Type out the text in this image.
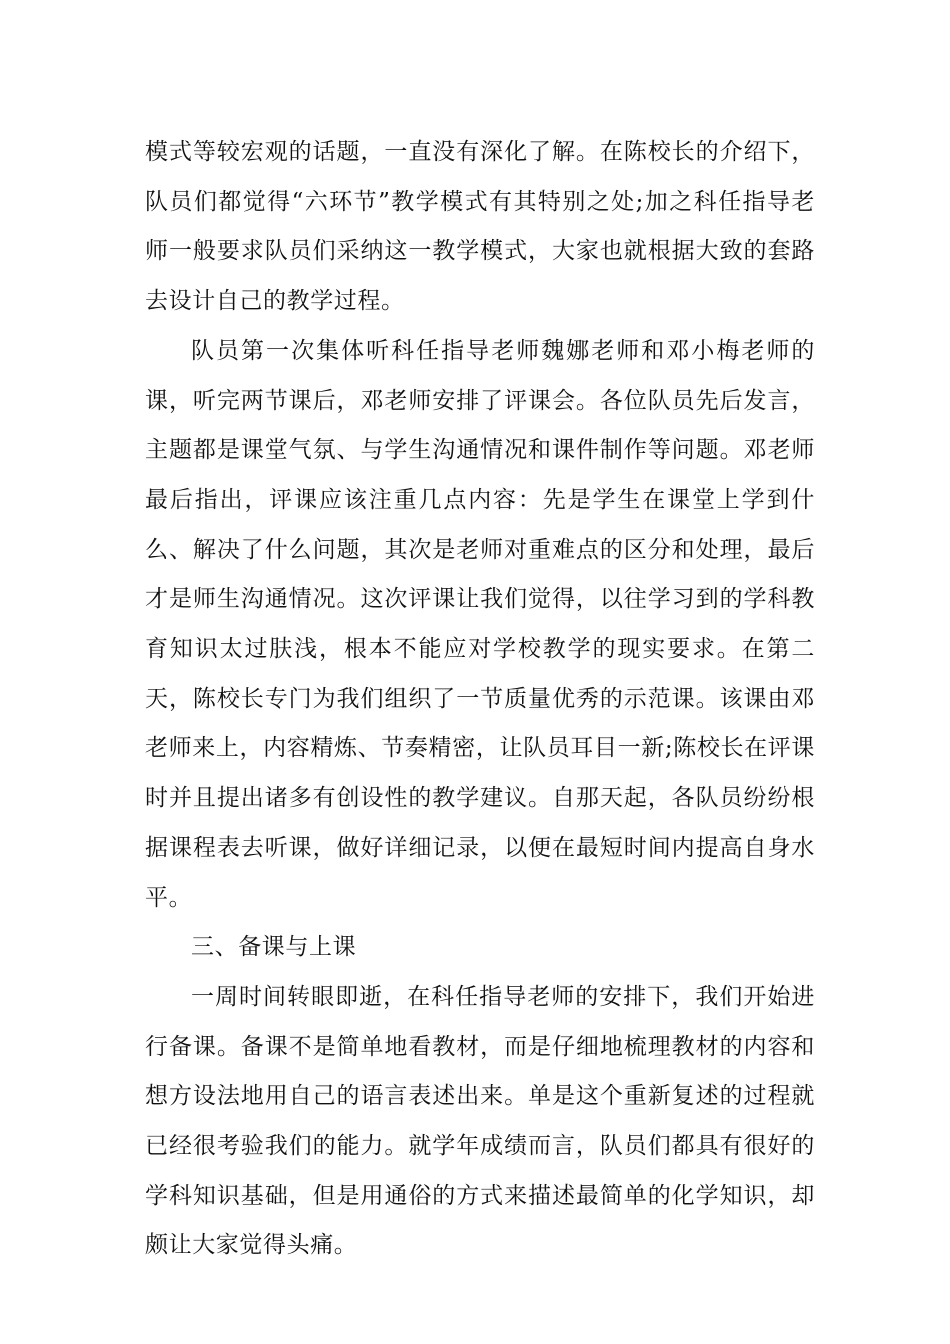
模式等较宏观的话题，一直没有深化了解。在陈校长的介绍下，队员们都觉得“六环节”教学模式有其特别之处;加之科任指导老师一般要求队员们采纳这一教学模式，大家也就根据大致的套路去设计自己的教学过程。

队员第一次集体听科任指导老师魏娜老师和邓小梅老师的课，听完两节课后，邓老师安排了评课会。各位队员先后发言，主题都是课堂气氛、与学生沟通情况和课件制作等问题。邓老师最后指出，评课应该注重几点内容：先是学生在课堂上学到什么、解决了什么问题，其次是老师对重难点的区分和处理，最后才是师生沟通情况。这次评课让我们觉得，以往学习到的学科教育知识太过肤浅，根本不能应对学校教学的现实要求。在第二天，陈校长专门为我们组织了一节质量优秀的示范课。该课由邓老师来上，内容精炼、节奏精密，让队员耳目一新;陈校长在评课时并且提出诸多有创设性的教学建议。自那天起，各队员纷纷根据课程表去听课，做好详细记录，以便在最短时间内提高自身水平。

三、备课与上课

一周时间转眼即逝，在科任指导老师的安排下，我们开始进行备课。备课不是简单地看教材，而是仔细地梳理教材的内容和想方设法地用自己的语言表述出来。单是这个重新复述的过程就已经很考验我们的能力。就学年成绩而言，队员们都具有很好的学科知识基础，但是用通俗的方式来描述最简单的化学知识，却颇让大家觉得头痛。
